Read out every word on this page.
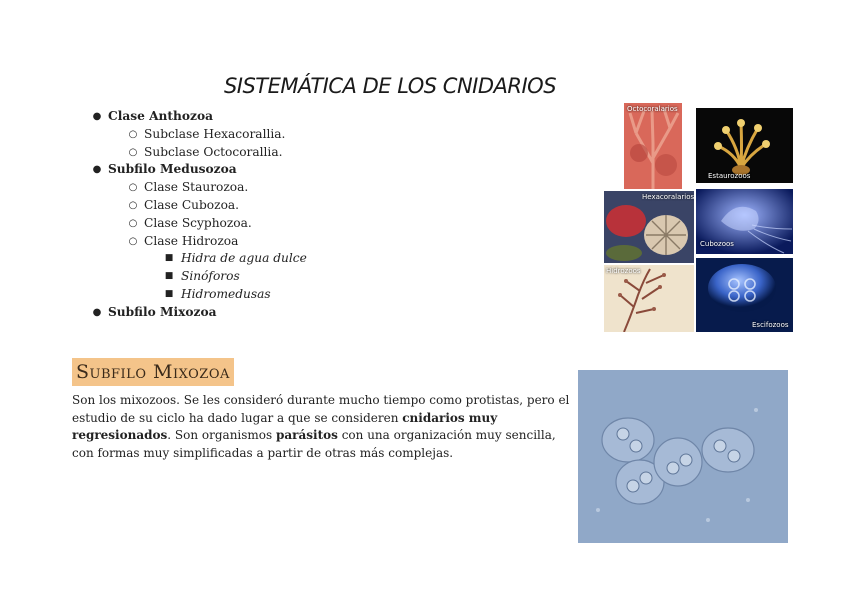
SISTEMÁTICA DE LOS CNIDARIOS
● Clase Anthozoa
○ Subclase Hexacorallia.
○ Subclase Octocorallia.
● Subfilo Medusozoa
○ Clase Staurozoa.
○ Clase Cubozoa.
○ Clase Scyphozoa.
○ Clase Hidrozoa
■ Hidra de agua dulce
■ Sinóforos
■ Hidromedusas
● Subfilo Mixozoa
Octocoralarios
Estaurozoos
Hexacoralarios
Cubozoos
Hidrozoos
Escifozoos
Subfilo Mixozoa

Son los mixozoos. Se les consideró durante mucho tiempo como protistas, pero el estudio de su ciclo ha dado lugar a que se consideren cnidarios muy regresionados. Son organismos parásitos con una organización muy sencilla, con formas muy simplificadas a partir de otras más complejas.
